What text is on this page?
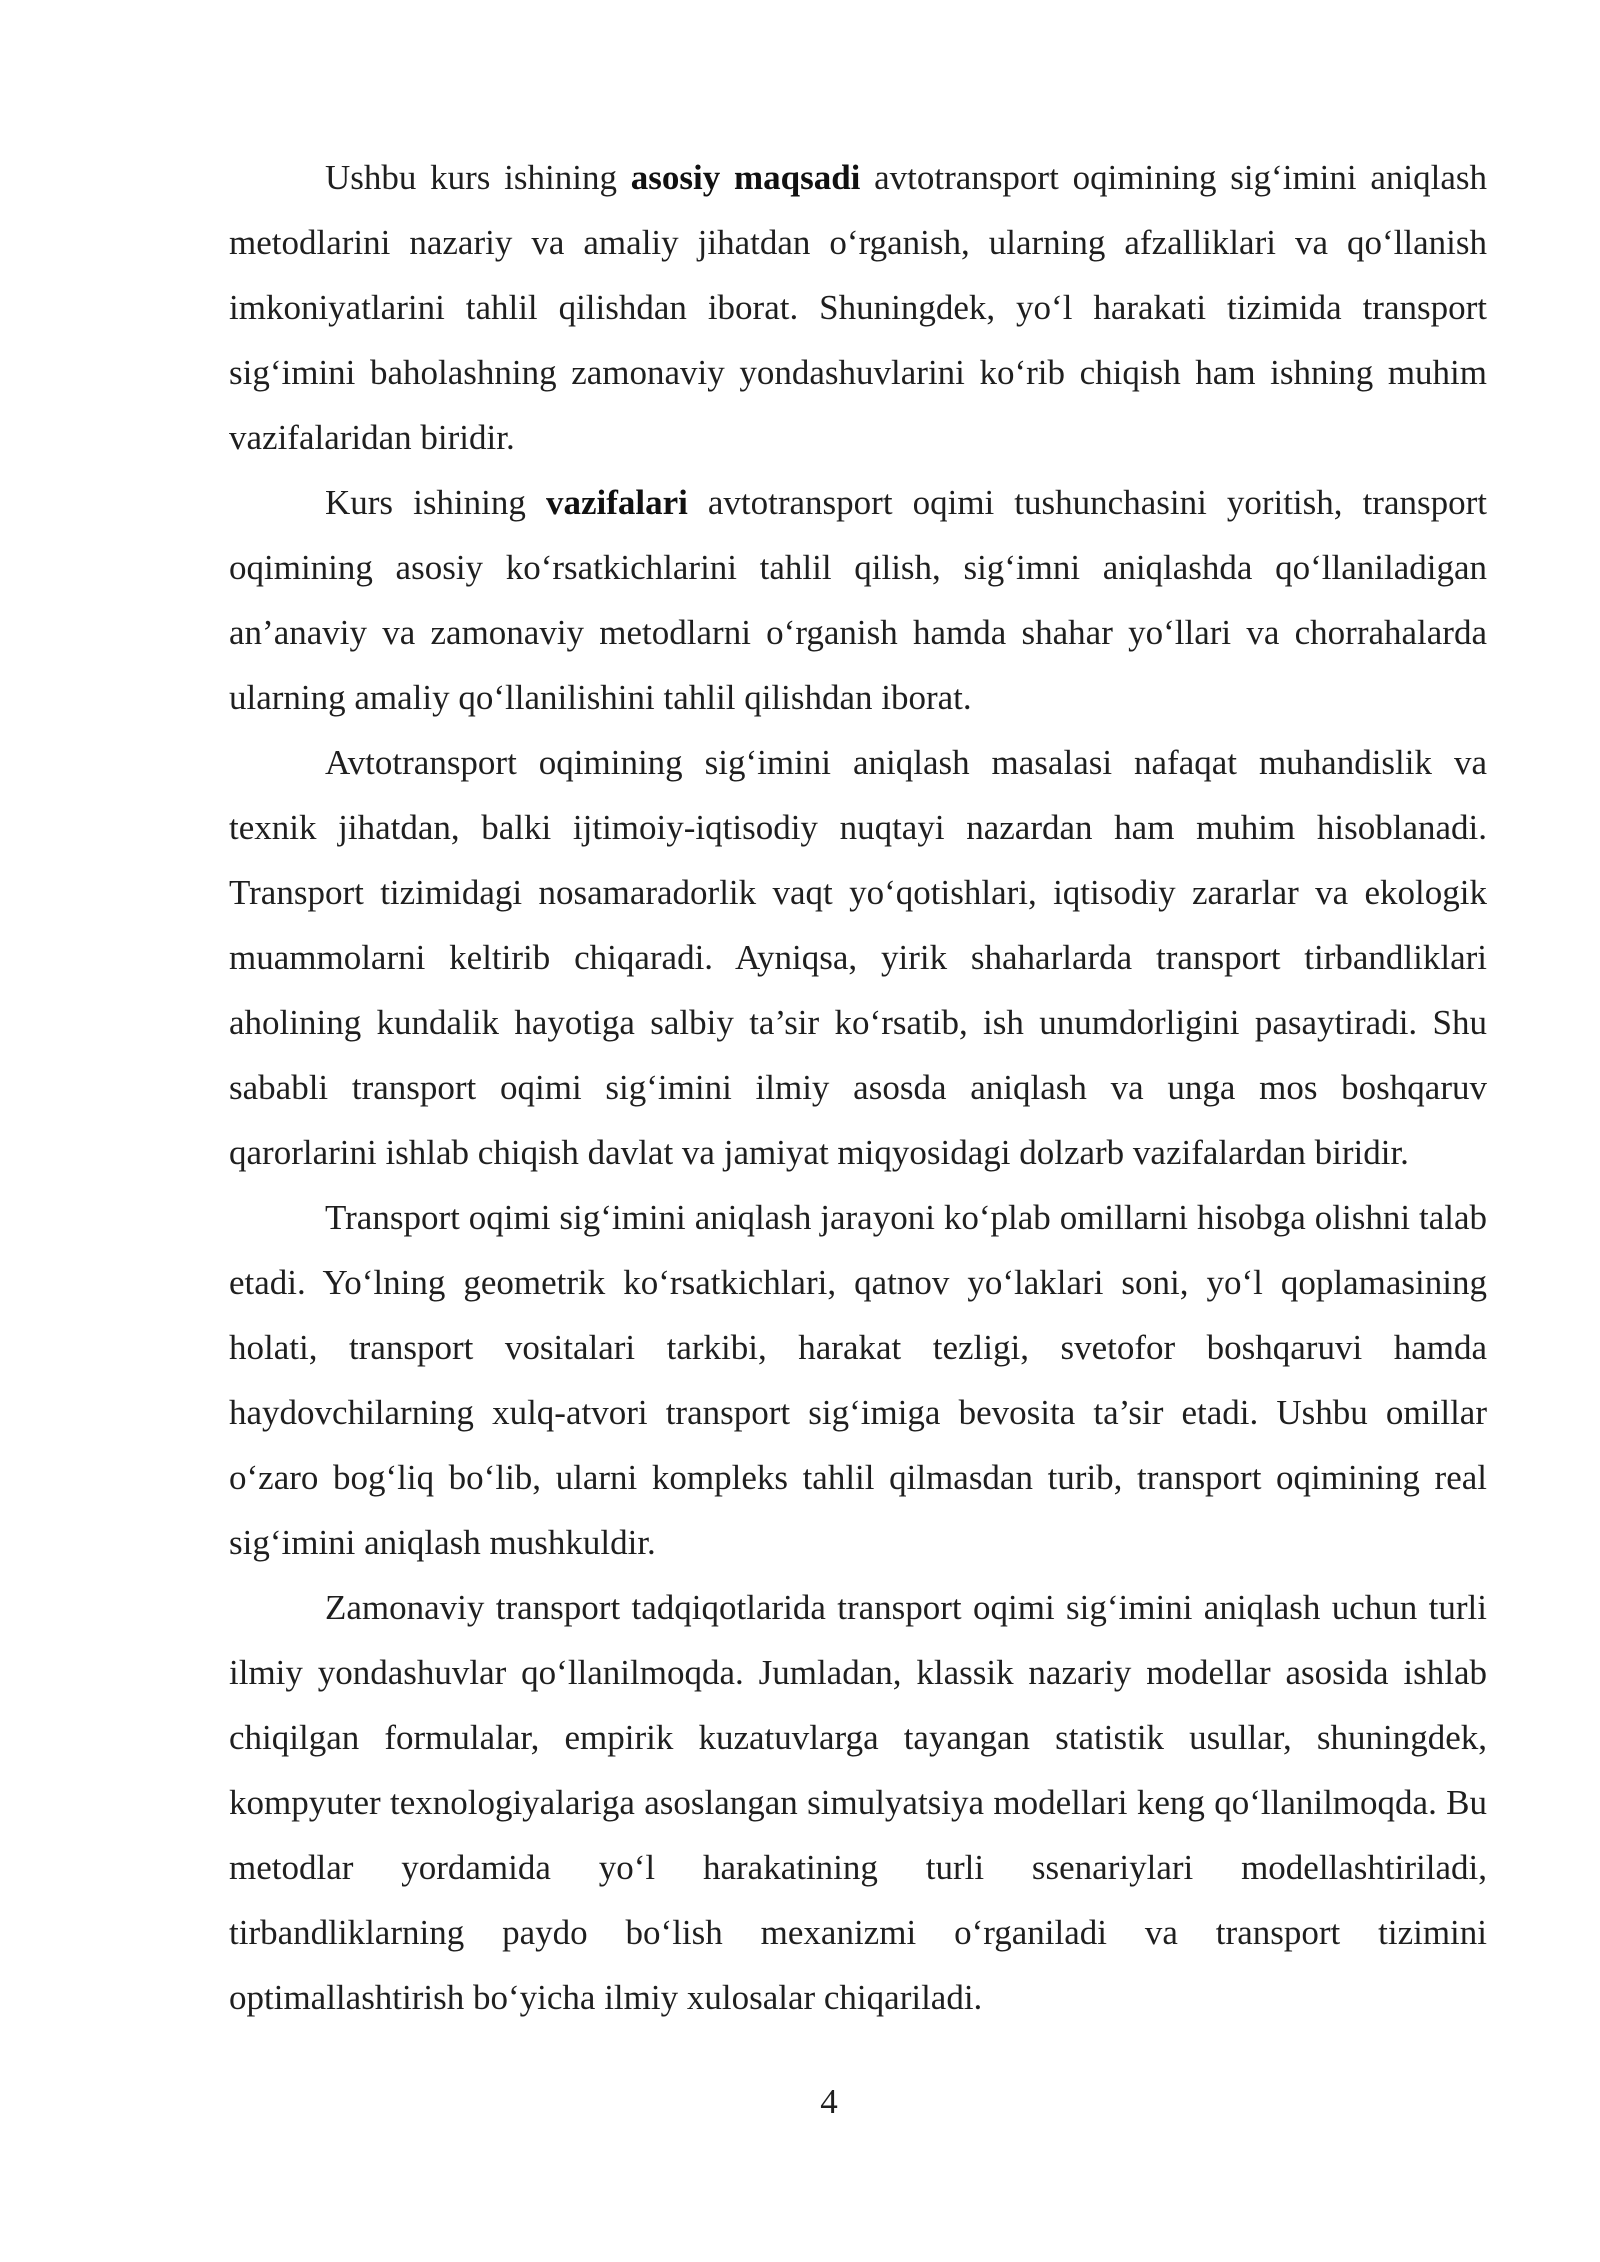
Ushbu kurs ishining asosiy maqsadi avtotransport oqimining sig‘imini aniqlash metodlarini nazariy va amaliy jihatdan o‘rganish, ularning afzalliklari va qo‘llanish imkoniyatlarini tahlil qilishdan iborat. Shuningdek, yo‘l harakati tizimida transport sig‘imini baholashning zamonaviy yondashuvlarini ko‘rib chiqish ham ishning muhim vazifalaridan biridir.

Kurs ishining vazifalari avtotransport oqimi tushunchasini yoritish, transport oqimining asosiy ko‘rsatkichlarini tahlil qilish, sig‘imni aniqlashda qo‘llaniladigan an’anaviy va zamonaviy metodlarni o‘rganish hamda shahar yo‘llari va chorrahalarda ularning amaliy qo‘llanilishini tahlil qilishdan iborat.

Avtotransport oqimining sig‘imini aniqlash masalasi nafaqat muhandislik va texnik jihatdan, balki ijtimoiy-iqtisodiy nuqtayi nazardan ham muhim hisoblanadi. Transport tizimidagi nosamaradorlik vaqt yo‘qotishlari, iqtisodiy zararlar va ekologik muammolarni keltirib chiqaradi. Ayniqsa, yirik shaharlarda transport tirbandliklari aholining kundalik hayotiga salbiy ta’sir ko‘rsatib, ish unumdorligini pasaytiradi. Shu sababli transport oqimi sig‘imini ilmiy asosda aniqlash va unga mos boshqaruv qarorlarini ishlab chiqish davlat va jamiyat miqyosidagi dolzarb vazifalardan biridir.

Transport oqimi sig‘imini aniqlash jarayoni ko‘plab omillarni hisobga olishni talab etadi. Yo‘lning geometrik ko‘rsatkichlari, qatnov yo‘laklari soni, yo‘l qoplamasining holati, transport vositalari tarkibi, harakat tezligi, svetofor boshqaruvi hamda haydovchilarning xulq-atvori transport sig‘imiga bevosita ta’sir etadi. Ushbu omillar o‘zaro bog‘liq bo‘lib, ularni kompleks tahlil qilmasdan turib, transport oqimining real sig‘imini aniqlash mushkuldir.

Zamonaviy transport tadqiqotlarida transport oqimi sig‘imini aniqlash uchun turli ilmiy yondashuvlar qo‘llanilmoqda. Jumladan, klassik nazariy modellar asosida ishlab chiqilgan formulalar, empirik kuzatuvlarga tayangan statistik usullar, shuningdek, kompyuter texnologiyalariga asoslangan simulyatsiya modellari keng qo‘llanilmoqda. Bu metodlar yordamida yo‘l harakatining turli ssenariylari modellashtiriladi, tirbandliklarning paydo bo‘lish mexanizmi o‘rganiladi va transport tizimini optimallashtirish bo‘yicha ilmiy xulosalar chiqariladi.

4
